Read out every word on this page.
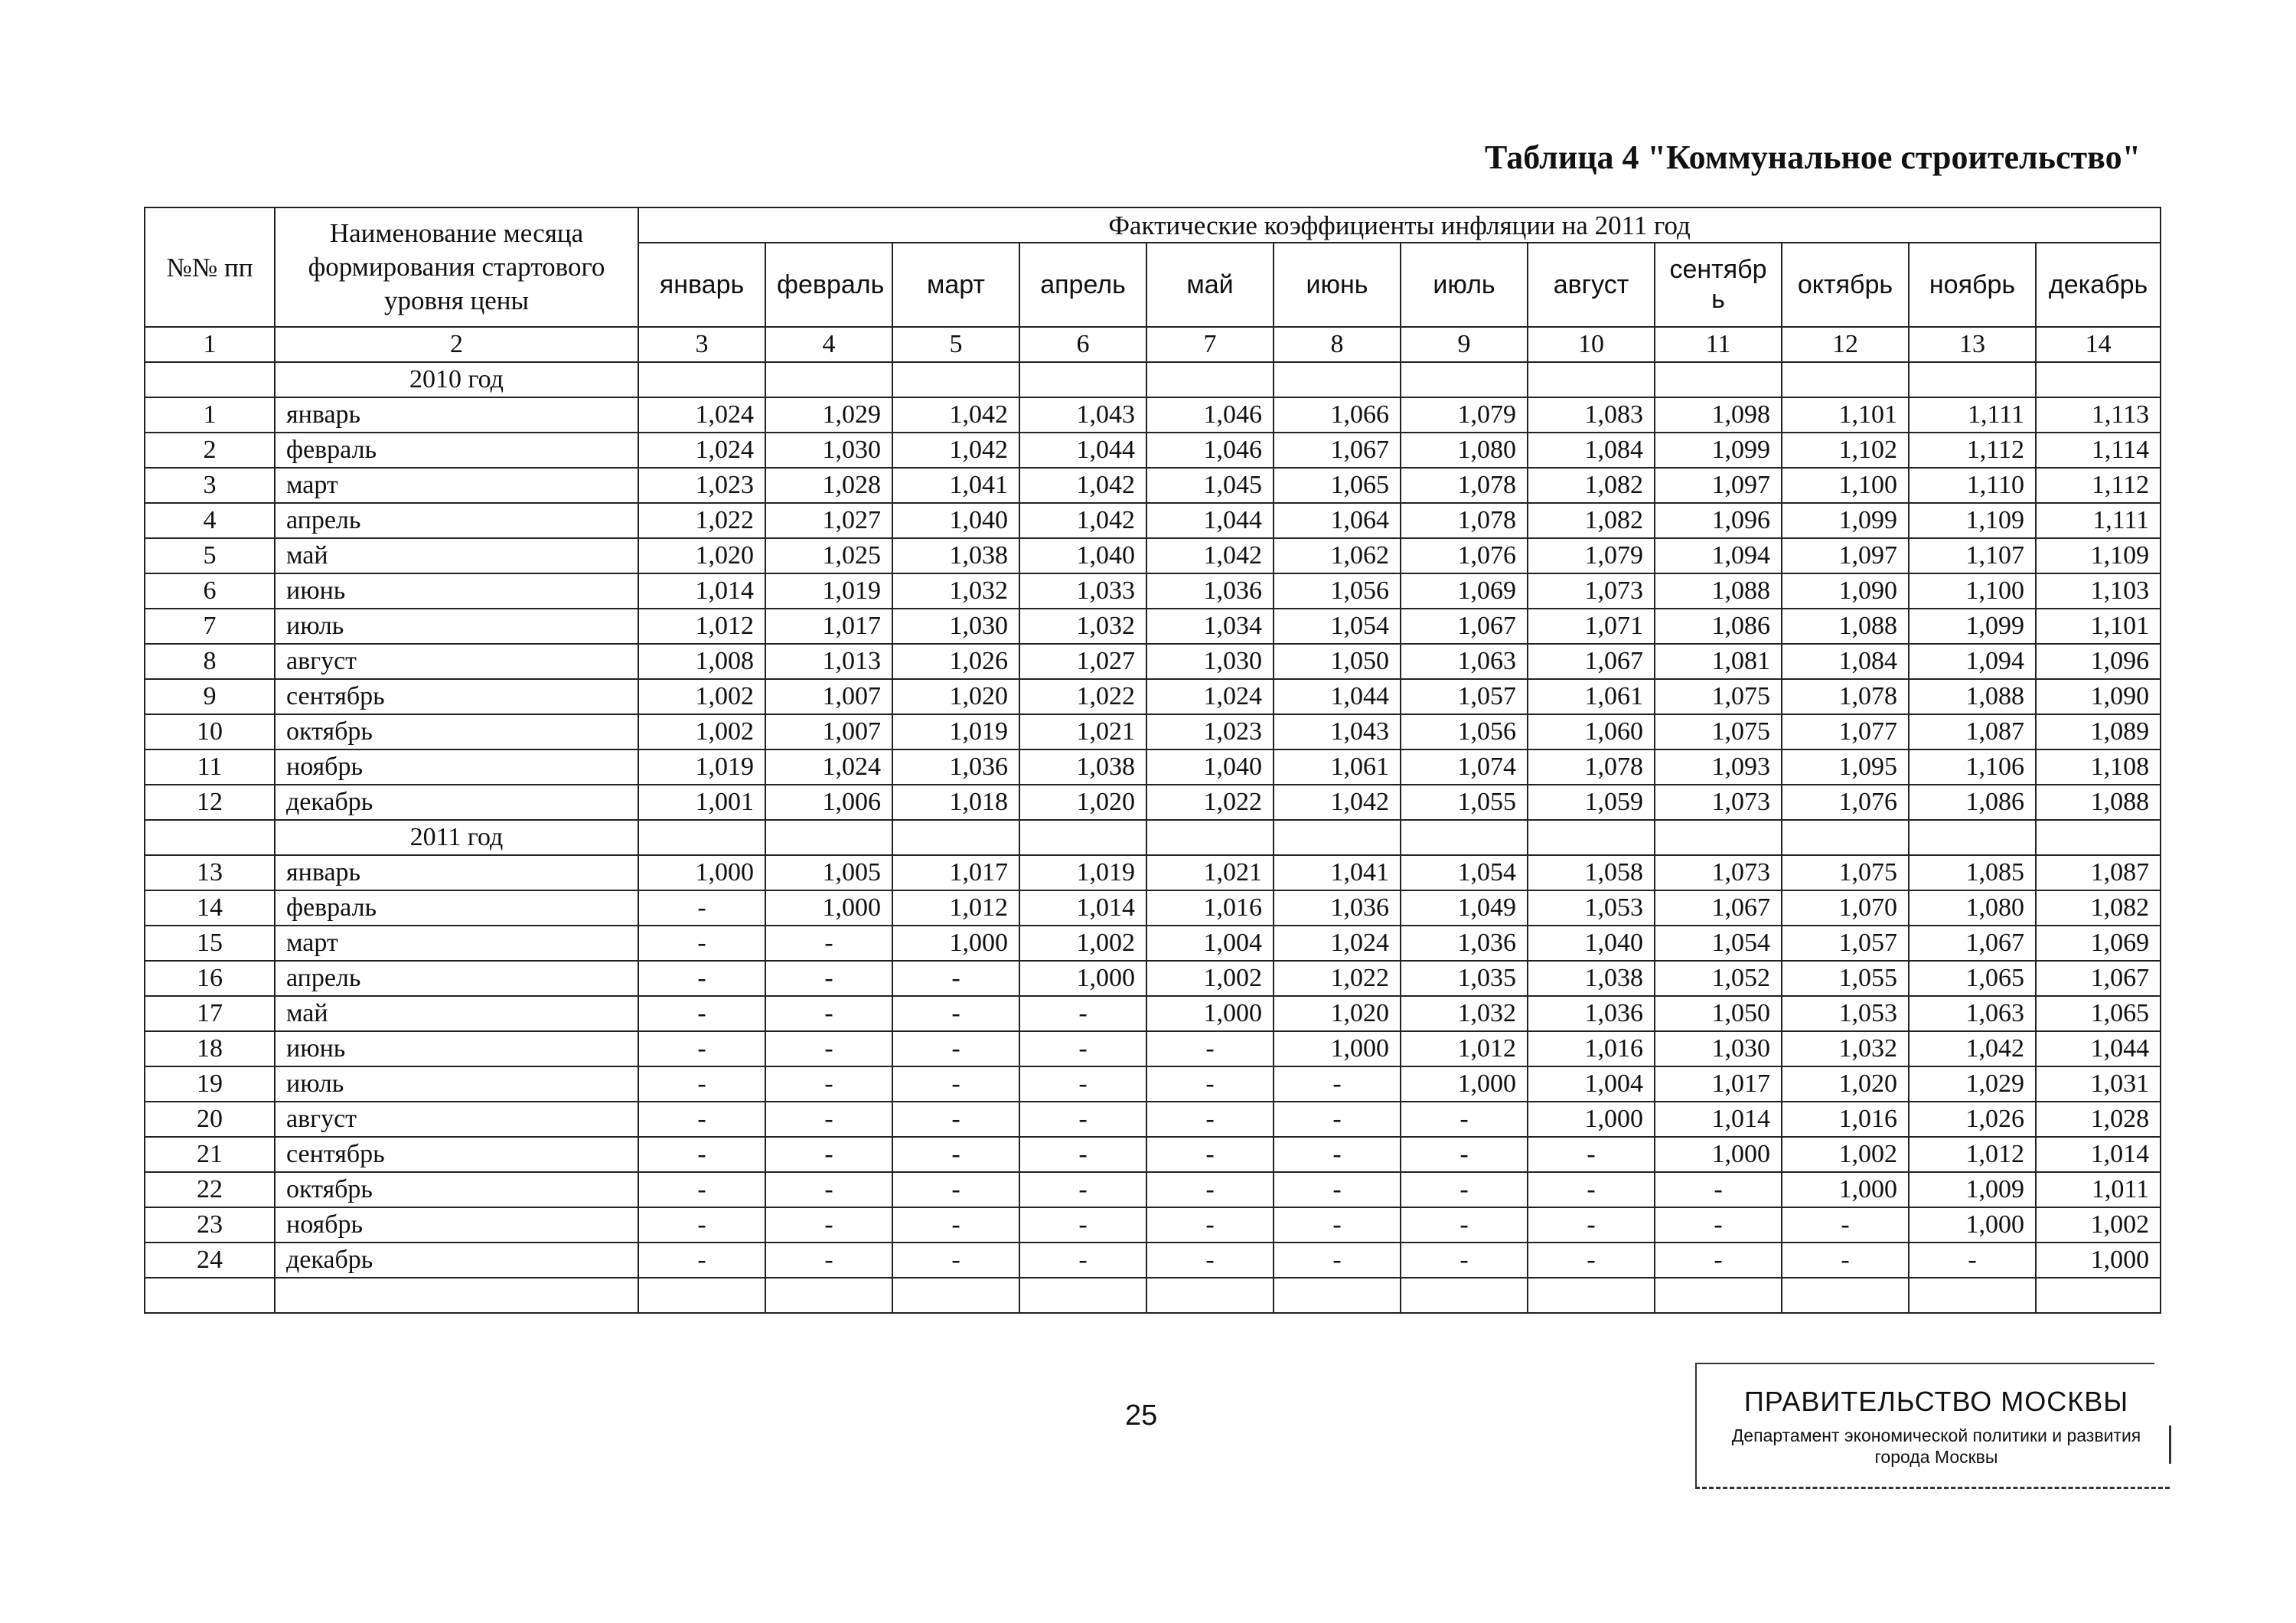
Таблица 4 "Коммунальное строительство"
№№ пп	Наименование месяца формирования стартового уровня цены	Фактические коэффициенты инфляции на 2011 год											
		январь	февраль	март	апрель	май	июнь	июль	август	сентябр ь	октябрь	ноябрь	декабрь
1	2	3	4	5	6	7	8	9	10	11	12	13	14
	2010 год												
1	январь	1,024	1,029	1,042	1,043	1,046	1,066	1,079	1,083	1,098	1,101	1,111	1,113
2	февраль	1,024	1,030	1,042	1,044	1,046	1,067	1,080	1,084	1,099	1,102	1,112	1,114
3	март	1,023	1,028	1,041	1,042	1,045	1,065	1,078	1,082	1,097	1,100	1,110	1,112
4	апрель	1,022	1,027	1,040	1,042	1,044	1,064	1,078	1,082	1,096	1,099	1,109	1,111
5	май	1,020	1,025	1,038	1,040	1,042	1,062	1,076	1,079	1,094	1,097	1,107	1,109
6	июнь	1,014	1,019	1,032	1,033	1,036	1,056	1,069	1,073	1,088	1,090	1,100	1,103
7	июль	1,012	1,017	1,030	1,032	1,034	1,054	1,067	1,071	1,086	1,088	1,099	1,101
8	август	1,008	1,013	1,026	1,027	1,030	1,050	1,063	1,067	1,081	1,084	1,094	1,096
9	сентябрь	1,002	1,007	1,020	1,022	1,024	1,044	1,057	1,061	1,075	1,078	1,088	1,090
10	октябрь	1,002	1,007	1,019	1,021	1,023	1,043	1,056	1,060	1,075	1,077	1,087	1,089
11	ноябрь	1,019	1,024	1,036	1,038	1,040	1,061	1,074	1,078	1,093	1,095	1,106	1,108
12	декабрь	1,001	1,006	1,018	1,020	1,022	1,042	1,055	1,059	1,073	1,076	1,086	1,088
	2011 год												
13	январь	1,000	1,005	1,017	1,019	1,021	1,041	1,054	1,058	1,073	1,075	1,085	1,087
14	февраль	-	1,000	1,012	1,014	1,016	1,036	1,049	1,053	1,067	1,070	1,080	1,082
15	март	-	-	1,000	1,002	1,004	1,024	1,036	1,040	1,054	1,057	1,067	1,069
16	апрель	-	-	-	1,000	1,002	1,022	1,035	1,038	1,052	1,055	1,065	1,067
17	май	-	-	-	-	1,000	1,020	1,032	1,036	1,050	1,053	1,063	1,065
18	июнь	-	-	-	-	-	1,000	1,012	1,016	1,030	1,032	1,042	1,044
19	июль	-	-	-	-	-	-	1,000	1,004	1,017	1,020	1,029	1,031
20	август	-	-	-	-	-	-	-	1,000	1,014	1,016	1,026	1,028
21	сентябрь	-	-	-	-	-	-	-	-	1,000	1,002	1,012	1,014
22	октябрь	-	-	-	-	-	-	-	-	-	1,000	1,009	1,011
23	ноябрь	-	-	-	-	-	-	-	-	-	-	1,000	1,002
24	декабрь	-	-	-	-	-	-	-	-	-	-	-	1,000

25	ПРАВИТЕЛЬСТВО МОСКВЫ
Департамент экономической политики и развития
города Москвы
